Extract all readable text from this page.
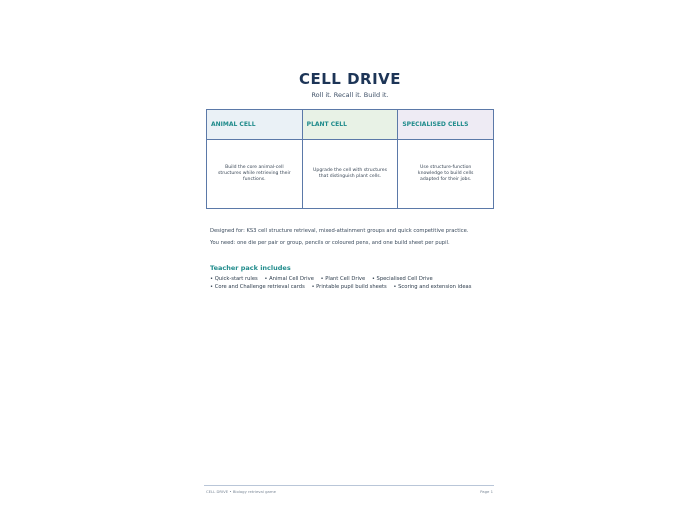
CELL DRIVE
Roll it. Recall it. Build it.
ANIMAL CELL
Build the core animal-cell structures while retrieving their functions.
PLANT CELL
Upgrade the cell with structures that distinguish plant cells.
SPECIALISED CELLS
Use structure-function knowledge to build cells adapted for their jobs.
Designed for: KS3 cell structure retrieval, mixed-attainment groups and quick competitive practice.
You need: one die per pair or group, pencils or coloured pens, and one build sheet per pupil.
Teacher pack includes
• Quick-start rules • Animal Cell Drive • Plant Cell Drive • Specialised Cell Drive
• Core and Challenge retrieval cards • Printable pupil build sheets • Scoring and extension ideas
CELL DRIVE • Biology retrieval game	Page 1
